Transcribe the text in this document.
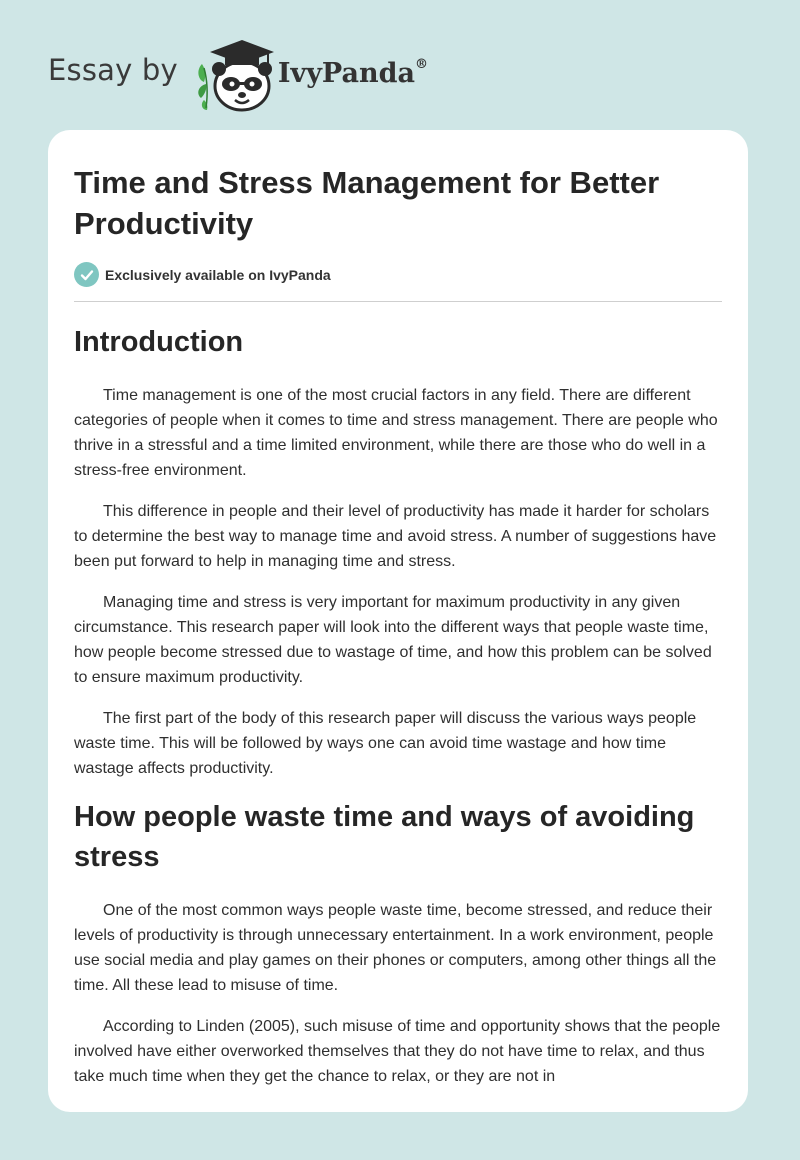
Essay by	IvyPanda®
Time and Stress Management for Better Productivity
Exclusively available on IvyPanda
Introduction

Time management is one of the most crucial factors in any field. There are different categories of people when it comes to time and stress management. There are people who thrive in a stressful and a time limited environment, while there are those who do well in a stress-free environment.

This difference in people and their level of productivity has made it harder for scholars to determine the best way to manage time and avoid stress. A number of suggestions have been put forward to help in managing time and stress.

Managing time and stress is very important for maximum productivity in any given circumstance. This research paper will look into the different ways that people waste time, how people become stressed due to wastage of time, and how this problem can be solved to ensure maximum productivity.

The first part of the body of this research paper will discuss the various ways people waste time. This will be followed by ways one can avoid time wastage and how time wastage affects productivity.

How people waste time and ways of avoiding stress

One of the most common ways people waste time, become stressed, and reduce their levels of productivity is through unnecessary entertainment. In a work environment, people use social media and play games on their phones or computers, among other things all the time. All these lead to misuse of time.

According to Linden (2005), such misuse of time and opportunity shows that the people involved have either overworked themselves that they do not have time to relax, and thus take much time when they get the chance to relax, or they are not in
